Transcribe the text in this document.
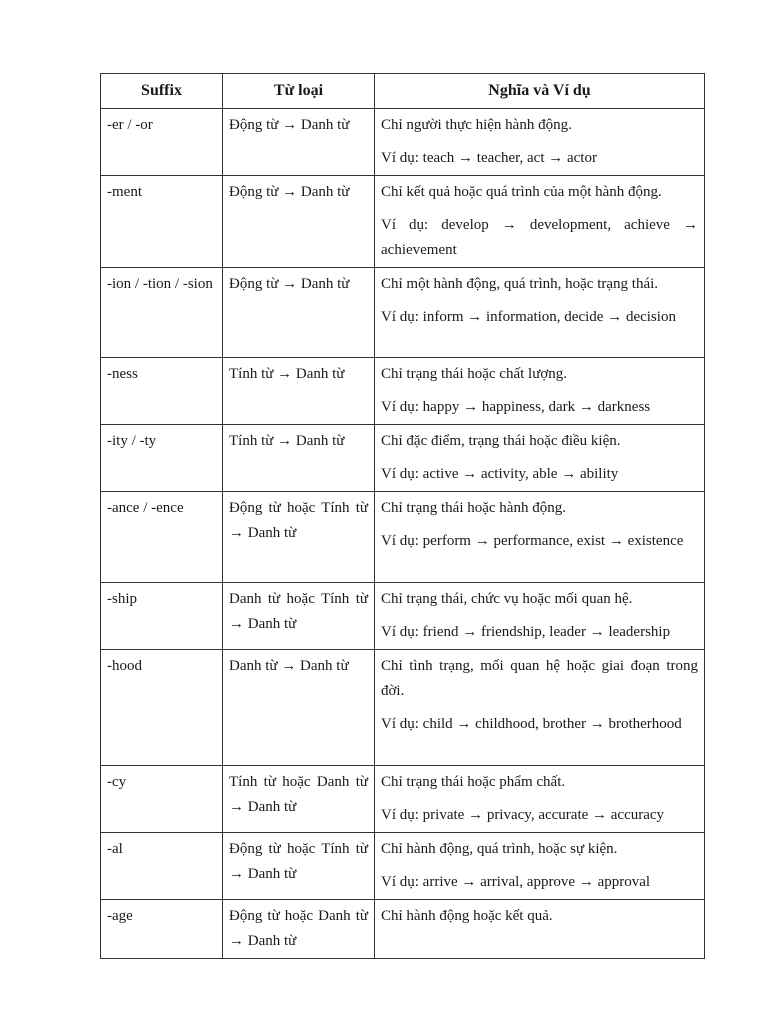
Suffix	Từ loại	Nghĩa và Ví dụ
-er / -or	Động từ → Danh từ	Chỉ người thực hiện hành động.

Ví dụ: teach → teacher, act → actor

-ment	Động từ → Danh từ	Chỉ kết quả hoặc quá trình của một hành động.

Ví dụ: develop → development, achieve → achievement

-ion / -tion / -sion	Động từ → Danh từ	Chỉ một hành động, quá trình, hoặc trạng thái.

Ví dụ: inform → information, decide → decision

-ness	Tính từ → Danh từ	Chỉ trạng thái hoặc chất lượng.

Ví dụ: happy → happiness, dark → darkness

-ity / -ty	Tính từ → Danh từ	Chỉ đặc điểm, trạng thái hoặc điều kiện.

Ví dụ: active → activity, able → ability

-ance / -ence	Động từ hoặc Tính từ → Danh từ	Chỉ trạng thái hoặc hành động.

Ví dụ: perform → performance, exist → existence

-ship	Danh từ hoặc Tính từ → Danh từ	Chỉ trạng thái, chức vụ hoặc mối quan hệ.

Ví dụ: friend → friendship, leader → leadership

-hood	Danh từ → Danh từ	Chỉ tình trạng, mối quan hệ hoặc giai đoạn trong đời.

Ví dụ: child → childhood, brother → brotherhood

-cy	Tính từ hoặc Danh từ → Danh từ	Chỉ trạng thái hoặc phẩm chất.

Ví dụ: private → privacy, accurate → accuracy

-al	Động từ hoặc Tính từ → Danh từ	Chỉ hành động, quá trình, hoặc sự kiện.

Ví dụ: arrive → arrival, approve → approval

-age	Động từ hoặc Danh từ → Danh từ	Chỉ hành động hoặc kết quả.
